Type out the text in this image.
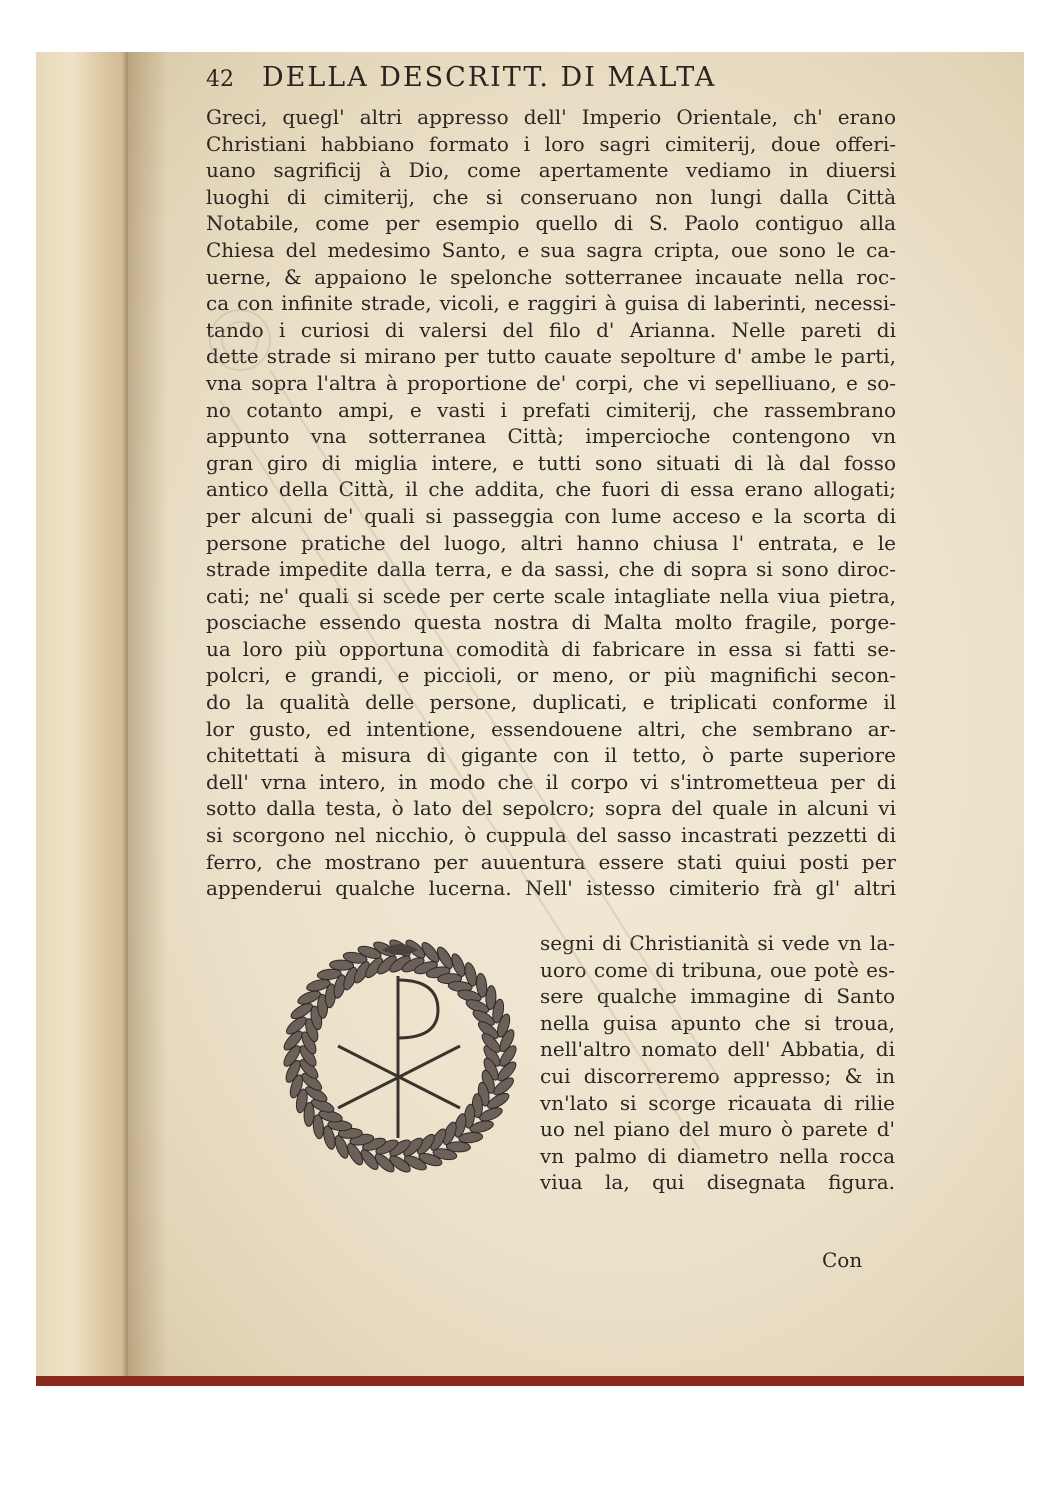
42 DELLA DESCRITT. DI MALTA
Greci, quegl' altri appresso dell' Imperio Orientale, ch' erano
Christiani habbiano formato i loro sagri cimiterij, doue offeri-
uano sagrificij à Dio, come apertamente vediamo in diuersi
luoghi di cimiterij, che si conseruano non lungi dalla Città
Notabile, come per esempio quello di S. Paolo contiguo alla
Chiesa del medesimo Santo, e sua sagra cripta, oue sono le ca-
uerne, & appaiono le spelonche sotterranee incauate nella roc-
ca con infinite strade, vicoli, e raggiri à guisa di laberinti, necessi-
tando i curiosi di valersi del filo d' Arianna. Nelle pareti di
dette strade si mirano per tutto cauate sepolture d' ambe le parti,
vna sopra l'altra à proportione de' corpi, che vi sepelliuano, e so-
no cotanto ampi, e vasti i prefati cimiterij, che rassembrano
appunto vna sotterranea Città; impercioche contengono vn
gran giro di miglia intere, e tutti sono situati di là dal fosso
antico della Città, il che addita, che fuori di essa erano allogati;
per alcuni de' quali si passeggia con lume acceso e la scorta di
persone pratiche del luogo, altri hanno chiusa l' entrata, e le
strade impedite dalla terra, e da sassi, che di sopra si sono diroc-
cati; ne' quali si scede per certe scale intagliate nella viua pietra,
posciache essendo questa nostra di Malta molto fragile, porge-
ua loro più opportuna comodità di fabricare in essa si fatti se-
polcri, e grandi, e piccioli, or meno, or più magnifichi secon-
do la qualità delle persone, duplicati, e triplicati conforme il
lor gusto, ed intentione, essendouene altri, che sembrano ar-
chitettati à misura di gigante con il tetto, ò parte superiore
dell' vrna intero, in modo che il corpo vi s'intrometteua per di
sotto dalla testa, ò lato del sepolcro; sopra del quale in alcuni vi
si scorgono nel nicchio, ò cuppula del sasso incastrati pezzetti di
ferro, che mostrano per auuentura essere stati quiui posti per
appenderui qualche lucerna. Nell' istesso cimiterio frà gl' altri
segni di Christianità si vede vn la-
uoro come di tribuna, oue potè es-
sere qualche immagine di Santo
nella guisa apunto che si troua,
nell'altro nomato dell' Abbatia, di
cui discorreremo appresso; & in
vn'lato si scorge ricauata di rilie
uo nel piano del muro ò parete d'
vn palmo di diametro nella rocca
viua la, qui disegnata figura.
Con
